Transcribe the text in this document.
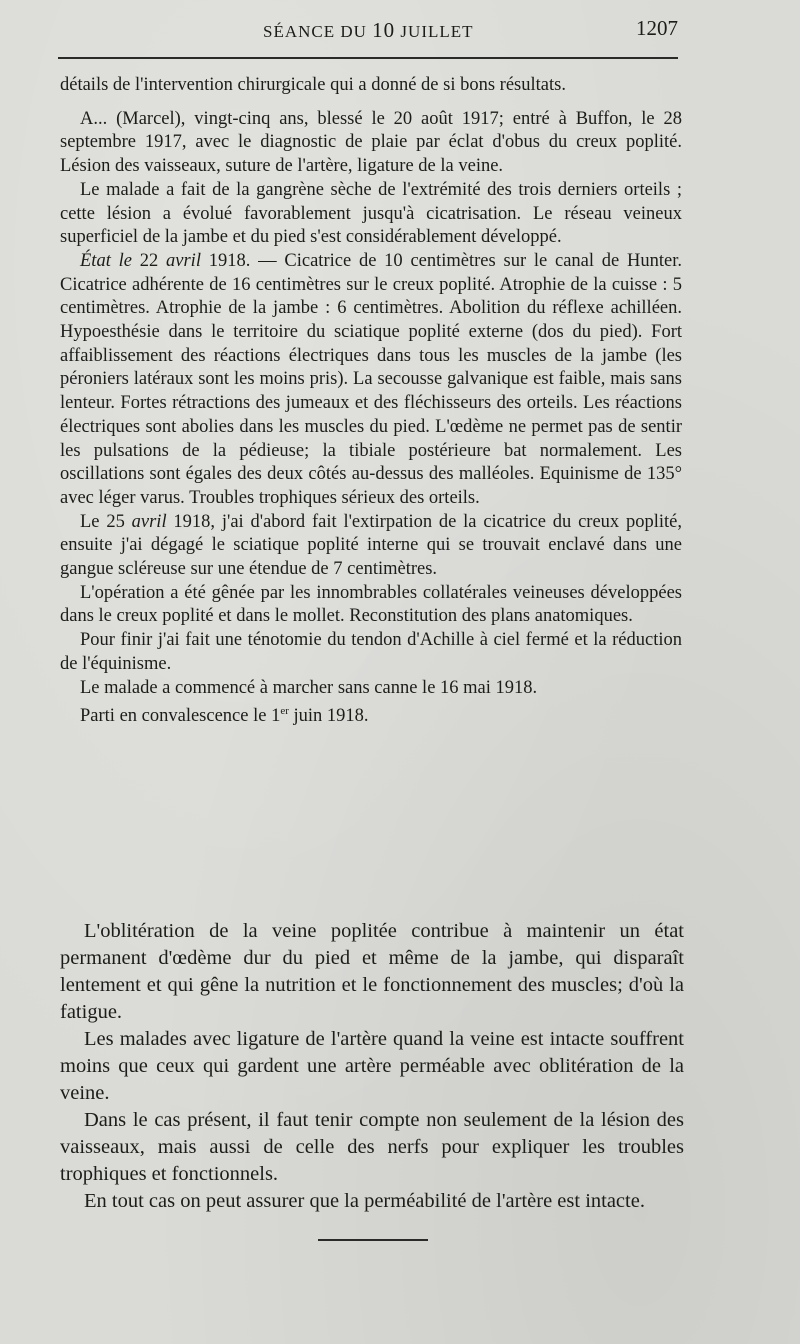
SÉANCE DU 10 JUILLET	1207

détails de l'intervention chirurgicale qui a donné de si bons résultats.

A... (Marcel), vingt-cinq ans, blessé le 20 août 1917; entré à Buffon, le 28 septembre 1917, avec le diagnostic de plaie par éclat d'obus du creux poplité. Lésion des vaisseaux, suture de l'artère, ligature de la veine.

Le malade a fait de la gangrène sèche de l'extrémité des trois derniers orteils ; cette lésion a évolué favorablement jusqu'à cicatrisation. Le réseau veineux superficiel de la jambe et du pied s'est considérablement développé.

État le 22 avril 1918. — Cicatrice de 10 centimètres sur le canal de Hunter. Cicatrice adhérente de 16 centimètres sur le creux poplité. Atrophie de la cuisse : 5 centimètres. Atrophie de la jambe : 6 centimètres. Abolition du réflexe achilléen. Hypoesthésie dans le territoire du sciatique poplité externe (dos du pied). Fort affaiblissement des réactions électriques dans tous les muscles de la jambe (les péroniers latéraux sont les moins pris). La secousse galvanique est faible, mais sans lenteur. Fortes rétractions des jumeaux et des fléchisseurs des orteils. Les réactions électriques sont abolies dans les muscles du pied. L'œdème ne permet pas de sentir les pulsations de la pédieuse; la tibiale postérieure bat normalement. Les oscillations sont égales des deux côtés au-dessus des malléoles. Equinisme de 135° avec léger varus. Troubles trophiques sérieux des orteils.

Le 25 avril 1918, j'ai d'abord fait l'extirpation de la cicatrice du creux poplité, ensuite j'ai dégagé le sciatique poplité interne qui se trouvait enclavé dans une gangue scléreuse sur une étendue de 7 centimètres.

L'opération a été gênée par les innombrables collatérales veineuses développées dans le creux poplité et dans le mollet. Reconstitution des plans anatomiques.

Pour finir j'ai fait une ténotomie du tendon d'Achille à ciel fermé et la réduction de l'équinisme.

Le malade a commencé à marcher sans canne le 16 mai 1918.

Parti en convalescence le 1er juin 1918.

L'oblitération de la veine poplitée contribue à maintenir un état permanent d'œdème dur du pied et même de la jambe, qui disparaît lentement et qui gêne la nutrition et le fonctionnement des muscles; d'où la fatigue.

Les malades avec ligature de l'artère quand la veine est intacte souffrent moins que ceux qui gardent une artère perméable avec oblitération de la veine.

Dans le cas présent, il faut tenir compte non seulement de la lésion des vaisseaux, mais aussi de celle des nerfs pour expliquer les troubles trophiques et fonctionnels.

En tout cas on peut assurer que la perméabilité de l'artère est intacte.
